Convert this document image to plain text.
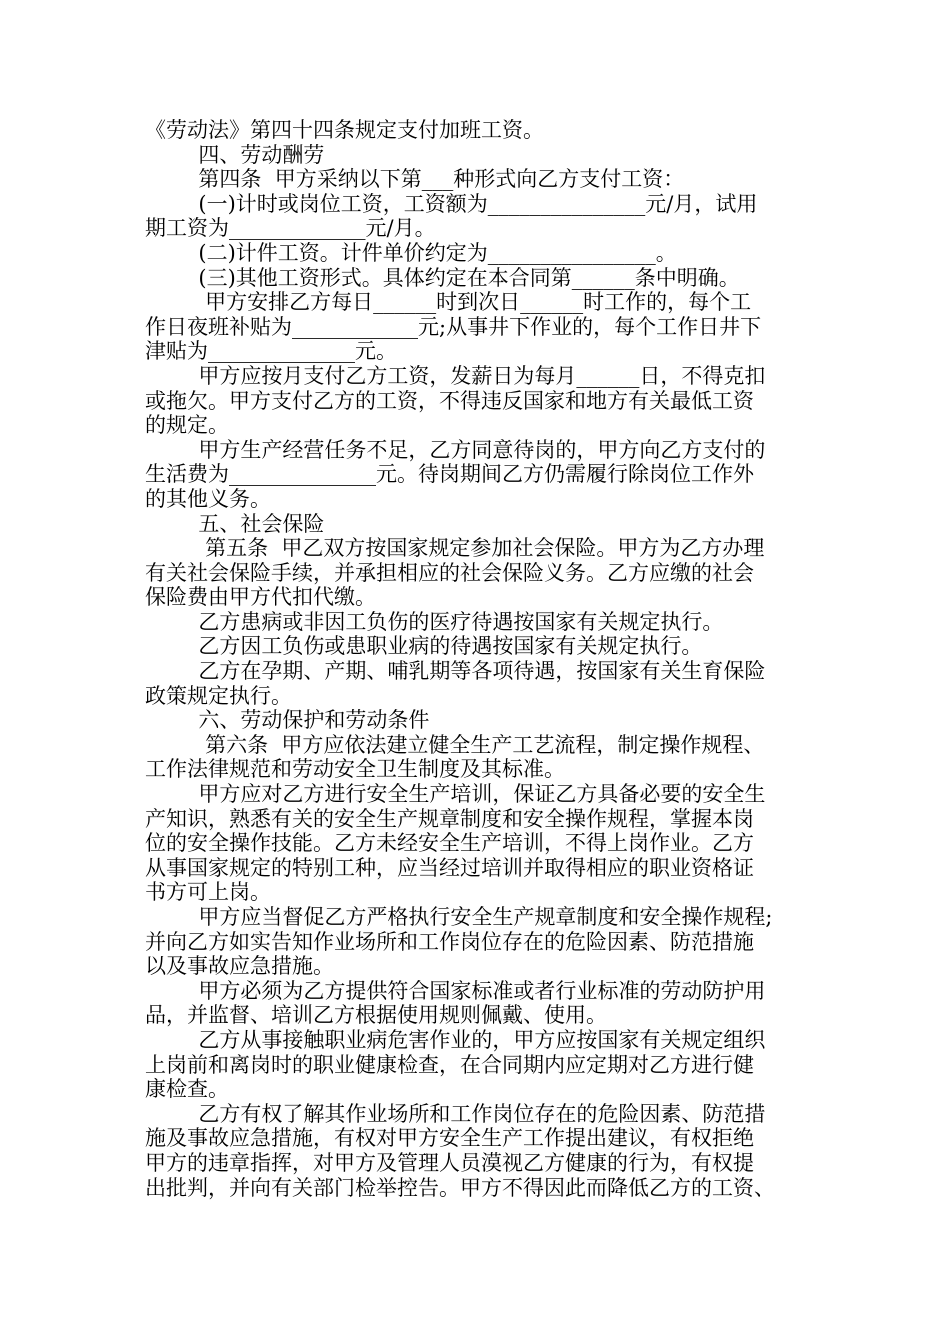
《劳动法》第四十四条规定支付加班工资。
四、劳动酬劳
第四条  甲方采纳以下第___种形式向乙方支付工资：
(一)计时或岗位工资，工资额为_______________元/月，试用
期工资为_____________元/月。
(二)计件工资。计件单价约定为________________。
(三)其他工资形式。具体约定在本合同第______条中明确。
甲方安排乙方每日______时到次日______时工作的，每个工
作日夜班补贴为____________元;从事井下作业的，每个工作日井下
津贴为______________元。
甲方应按月支付乙方工资，发薪日为每月______日，不得克扣
或拖欠。甲方支付乙方的工资，不得违反国家和地方有关最低工资
的规定。
甲方生产经营任务不足，乙方同意待岗的，甲方向乙方支付的
生活费为______________元。待岗期间乙方仍需履行除岗位工作外
的其他义务。
五、社会保险
第五条  甲乙双方按国家规定参加社会保险。甲方为乙方办理
有关社会保险手续，并承担相应的社会保险义务。乙方应缴的社会
保险费由甲方代扣代缴。
乙方患病或非因工负伤的医疗待遇按国家有关规定执行。
乙方因工负伤或患职业病的待遇按国家有关规定执行。
乙方在孕期、产期、哺乳期等各项待遇，按国家有关生育保险
政策规定执行。
六、劳动保护和劳动条件
第六条  甲方应依法建立健全生产工艺流程，制定操作规程、
工作法律规范和劳动安全卫生制度及其标准。
甲方应对乙方进行安全生产培训，保证乙方具备必要的安全生
产知识，熟悉有关的安全生产规章制度和安全操作规程，掌握本岗
位的安全操作技能。乙方未经安全生产培训，不得上岗作业。乙方
从事国家规定的特别工种，应当经过培训并取得相应的职业资格证
书方可上岗。
甲方应当督促乙方严格执行安全生产规章制度和安全操作规程;
并向乙方如实告知作业场所和工作岗位存在的危险因素、防范措施
以及事故应急措施。
甲方必须为乙方提供符合国家标准或者行业标准的劳动防护用
品，并监督、培训乙方根据使用规则佩戴、使用。
乙方从事接触职业病危害作业的，甲方应按国家有关规定组织
上岗前和离岗时的职业健康检查，在合同期内应定期对乙方进行健
康检查。
乙方有权了解其作业场所和工作岗位存在的危险因素、防范措
施及事故应急措施，有权对甲方安全生产工作提出建议，有权拒绝
甲方的违章指挥，对甲方及管理人员漠视乙方健康的行为，有权提
出批判，并向有关部门检举控告。甲方不得因此而降低乙方的工资、
